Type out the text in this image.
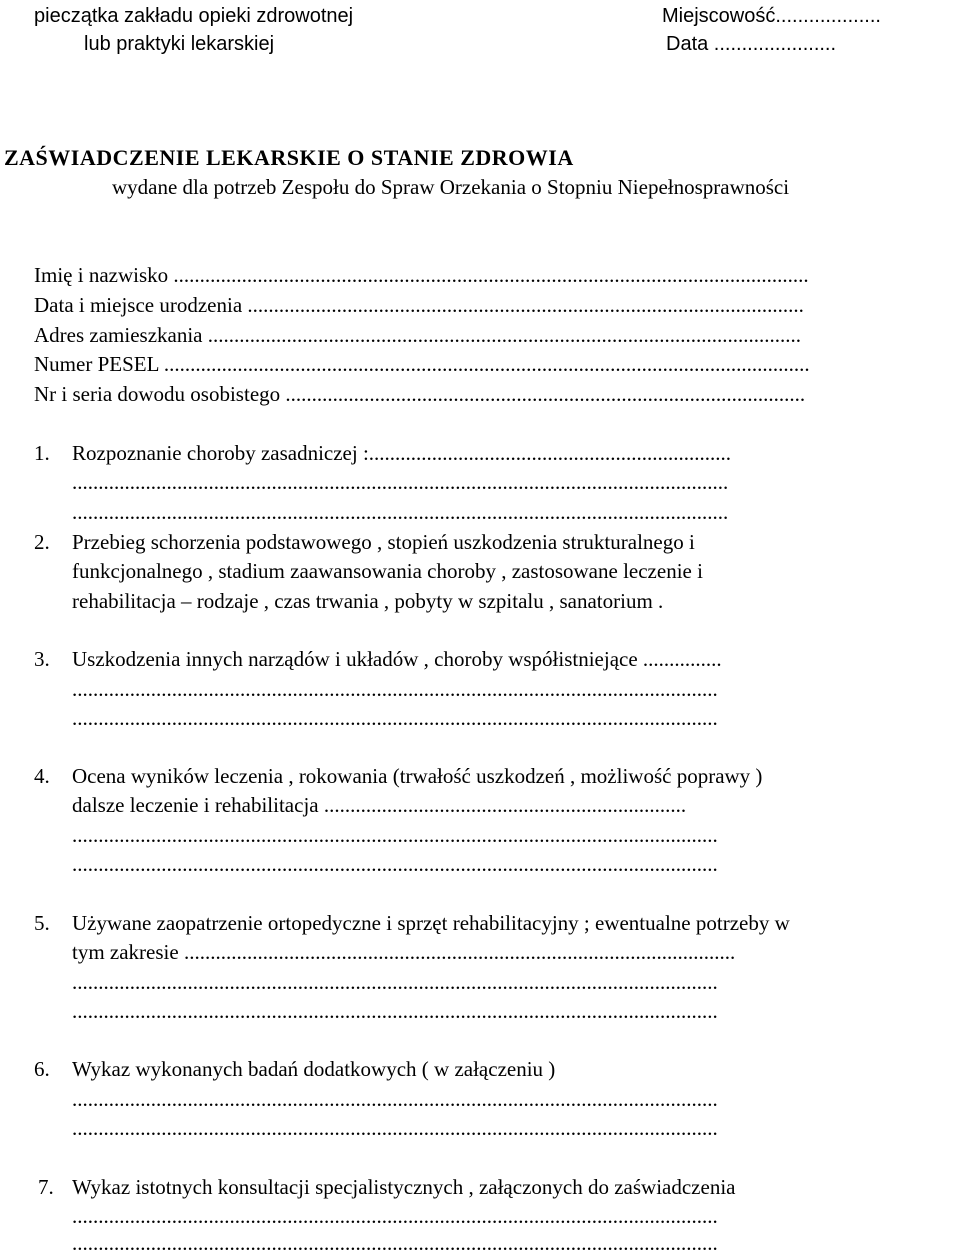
pieczątka zakładu opieki zdrowotnej
lub praktyki lekarskiej
Miejscowość...................
Data ......................
ZAŚWIADCZENIE LEKARSKIE O STANIE ZDROWIA
wydane dla potrzeb Zespołu do Spraw Orzekania o Stopniu Niepełnosprawności
Imię i nazwisko .........................................................................................................................
Data i miejsce urodzenia ..........................................................................................................
Adres zamieszkania .................................................................................................................
Numer PESEL ...........................................................................................................................
Nr i seria dowodu osobistego ...................................................................................................
1. Rozpoznanie choroby zasadniczej :.....................................................................
.............................................................................................................................
.............................................................................................................................
2. Przebieg schorzenia podstawowego , stopień uszkodzenia strukturalnego i
funkcjonalnego , stadium zaawansowania choroby , zastosowane leczenie i
rehabilitacja – rodzaje , czas trwania , pobyty w szpitalu , sanatorium .
3. Uszkodzenia innych narządów i układów , choroby współistniejące ...............
...........................................................................................................................
...........................................................................................................................
4. Ocena wyników leczenia , rokowania (trwałość uszkodzeń , możliwość poprawy )
dalsze leczenie i rehabilitacja .....................................................................
...........................................................................................................................
...........................................................................................................................
5. Używane zaopatrzenie ortopedyczne i sprzęt rehabilitacyjny ; ewentualne potrzeby w
tym zakresie .........................................................................................................
...........................................................................................................................
...........................................................................................................................
6. Wykaz wykonanych badań dodatkowych ( w załączeniu )
...........................................................................................................................
...........................................................................................................................
7. Wykaz istotnych konsultacji specjalistycznych , załączonych do zaświadczenia
...........................................................................................................................
...........................................................................................................................
